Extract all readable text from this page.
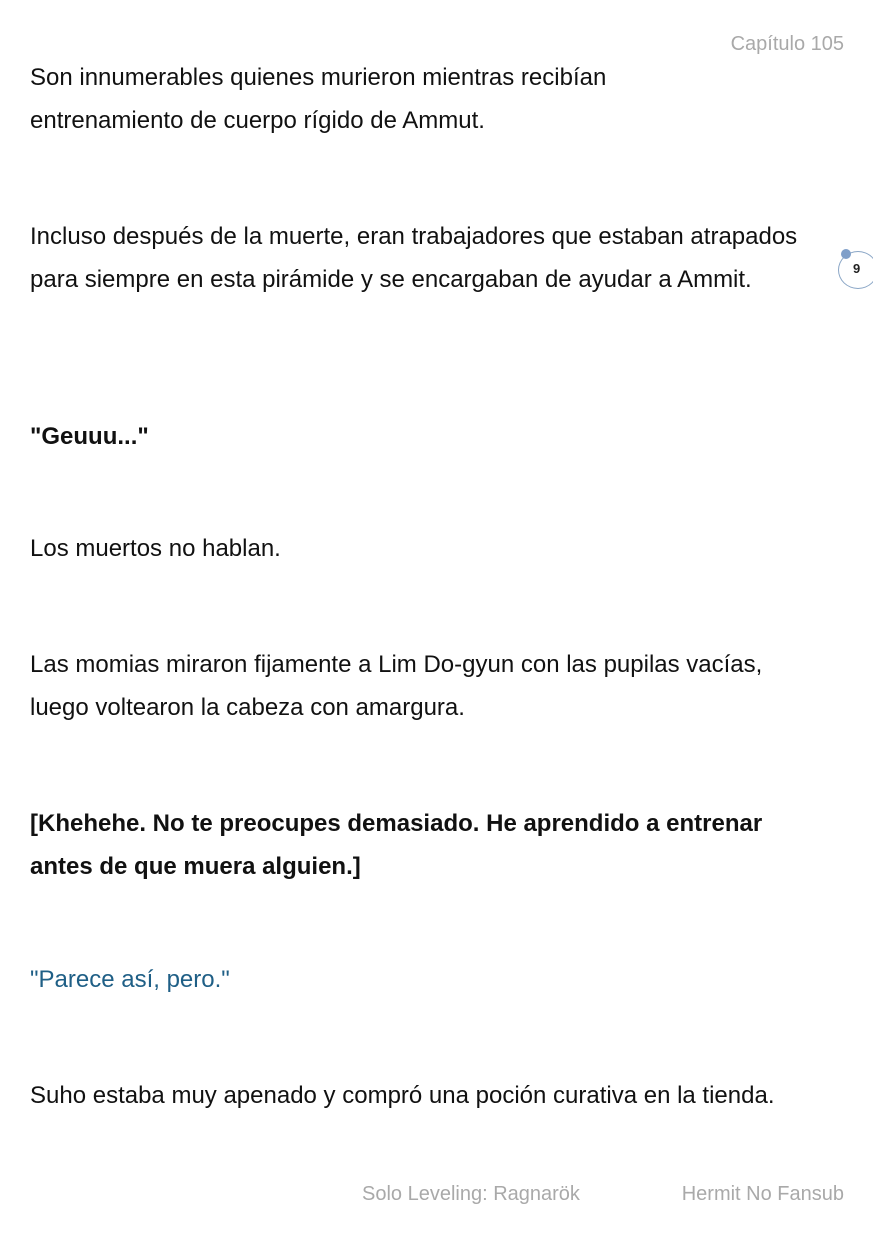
Capítulo 105

Son innumerables quienes murieron mientras recibían entrenamiento de cuerpo rígido de Ammut.

Incluso después de la muerte, eran trabajadores que estaban atrapados para siempre en esta pirámide y se encargaban de ayudar a Ammit.

"Geuuu..."

Los muertos no hablan.

Las momias miraron fijamente a Lim Do-gyun con las pupilas vacías, luego voltearon la cabeza con amargura.

[Khehehe. No te preocupes demasiado. He aprendido a entrenar antes de que muera alguien.]

"Parece así, pero."

Suho estaba muy apenado y compró una poción curativa en la tienda.

9
Solo Leveling: Ragnarök	Hermit No Fansub
